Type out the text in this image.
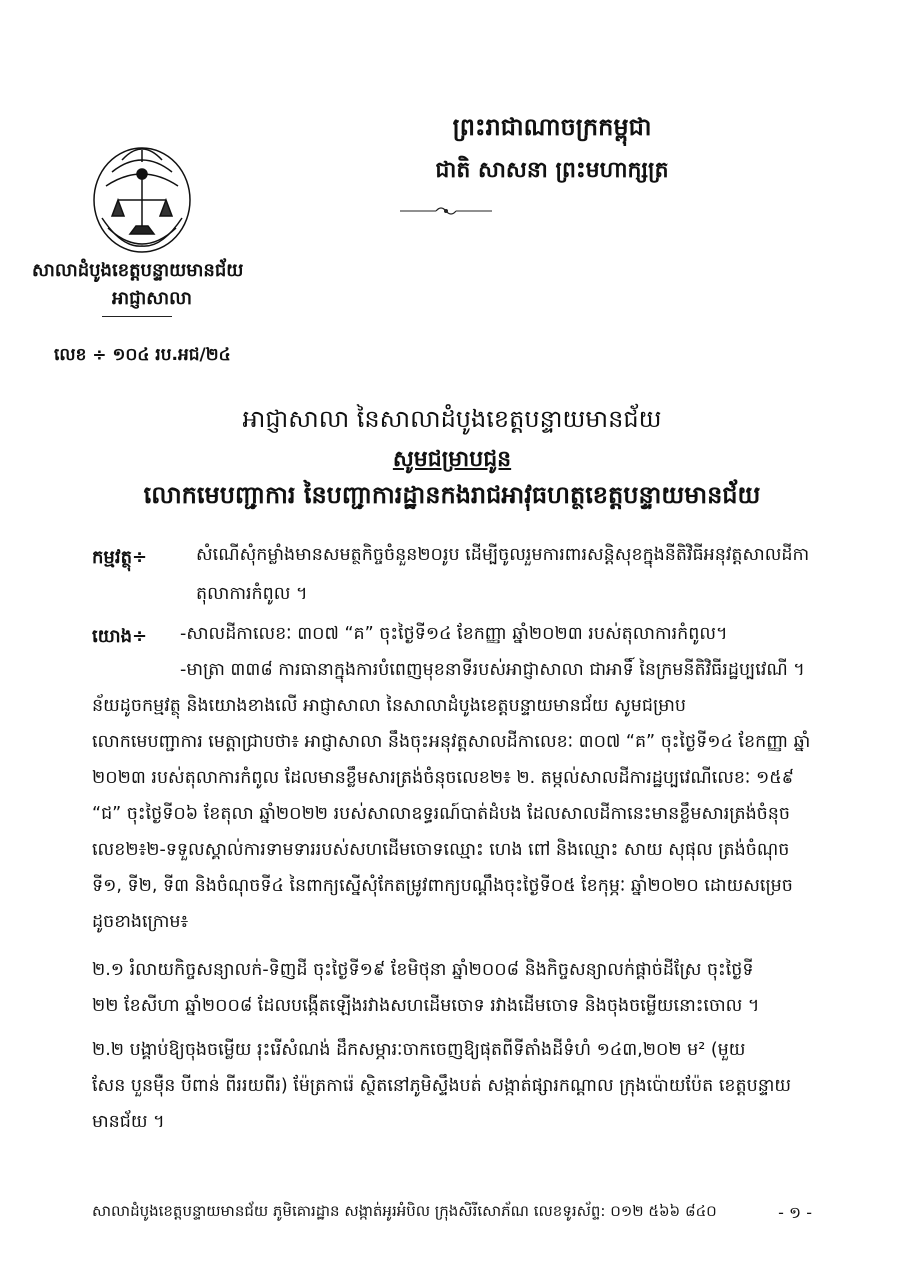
ព្រះរាជាណាចក្រកម្ពុជា
ជាតិ សាសនា ព្រះមហាក្សត្រ
សាលាដំបូងខេត្តបន្ទាយមានជ័យ
អាជ្ញាសាលា
លេខ ÷ ១០៤ រប.អជ/២៤
អាជ្ញាសាលា នៃសាលាដំបូងខេត្តបន្ទាយមានជ័យ
សូមជម្រាបជូន
លោកមេបញ្ជាការ នៃបញ្ជាការដ្ឋានកងរាជអាវុធហត្ថខេត្តបន្ទាយមានជ័យ
កម្មវត្ថុ÷	សំណើសុំកម្លាំងមានសមត្ថកិច្ចចំនួន២០រូប ដើម្បីចូលរួមការពារសន្តិសុខក្នុងនីតិវិធីអនុវត្តសាលដីកា
តុលាការកំពូល ។
យោង÷ -សាលដីកាលេខៈ ៣០៧ “គ” ចុះថ្ងៃទី១៤ ខែកញ្ញា ឆ្នាំ២០២៣ របស់តុលាការកំពូល។
-មាត្រា ៣៣៨ ការធានាក្នុងការបំពេញមុខនាទីរបស់អាជ្ញាសាលា ជាអាទិ៍ នៃក្រមនីតិវិធីរដ្ឋប្បវេណី ។
ន័យដូចកម្មវត្ថុ និងយោងខាងលើ អាជ្ញាសាលា នៃសាលាដំបូងខេត្តបន្ទាយមានជ័យ សូមជម្រាប
លោកមេបញ្ជាការ មេត្តាជ្រាបថា៖ អាជ្ញាសាលា នឹងចុះអនុវត្តសាលដីកាលេខៈ ៣០៧ “គ” ចុះថ្ងៃទី១៤ ខែកញ្ញា ឆ្នាំ
២០២៣ របស់តុលាការកំពូល ដែលមានខ្លឹមសារត្រង់ចំនុចលេខ២៖ ២. តម្កល់សាលដីការដ្ឋប្បវេណីលេខៈ ១៥៩
“ជ” ចុះថ្ងៃទី០៦ ខែតុលា ឆ្នាំ២០២២ របស់សាលាឧទ្ធរណ៍បាត់ដំបង ដែលសាលដីកានេះមានខ្លឹមសារត្រង់ចំនុច
លេខ២៖២-ទទួលស្គាល់ការទាមទាររបស់សហដើមចោទឈ្មោះ ហេង ពៅ និងឈ្មោះ សាយ សុផុល ត្រង់ចំណុច
ទី១, ទី២, ទី៣ និងចំណុចទី៤ នៃពាក្យស្នើសុំកែតម្រូវពាក្យបណ្ដឹងចុះថ្ងៃទី០៥ ខែកុម្ភៈ ឆ្នាំ២០២០ ដោយសម្រេច
ដូចខាងក្រោម៖
២.១ រំលាយកិច្ចសន្យាលក់-ទិញដី ចុះថ្ងៃទី១៩ ខែមិថុនា ឆ្នាំ២០០៨ និងកិច្ចសន្យាលក់ផ្ដាច់ដីស្រែ ចុះថ្ងៃទី
២២ ខែសីហា ឆ្នាំ២០០៨ ដែលបង្កើតឡើងរវាងសហដើមចោទ រវាងដើមចោទ និងចុងចម្លើយនោះចោល ។
២.២ បង្គាប់ឱ្យចុងចម្លើយ រុះរើសំណង់ ដឹកសម្ភារៈចាកចេញឱ្យផុតពីទីតាំងដីទំហំ ១៤៣,២០២ ម² (មួយ
សែន បួនម៉ឺន បីពាន់ ពីររយពីរ) ម៉ែត្រការ៉េ ស្ថិតនៅភូមិស្ទឹងបត់ សង្កាត់ផ្សារកណ្ដាល ក្រុងប៉ោយប៉ែត ខេត្តបន្ទាយ
មានជ័យ ។
សាលាដំបូងខេត្តបន្ទាយមានជ័យ ភូមិគោរដ្ឋាន សង្កាត់អូរអំបិល ក្រុងសិរីសោភ័ណ លេខទូរស័ព្ទ: ០១២ ៥៦៦ ៨៤០	- ១ -
